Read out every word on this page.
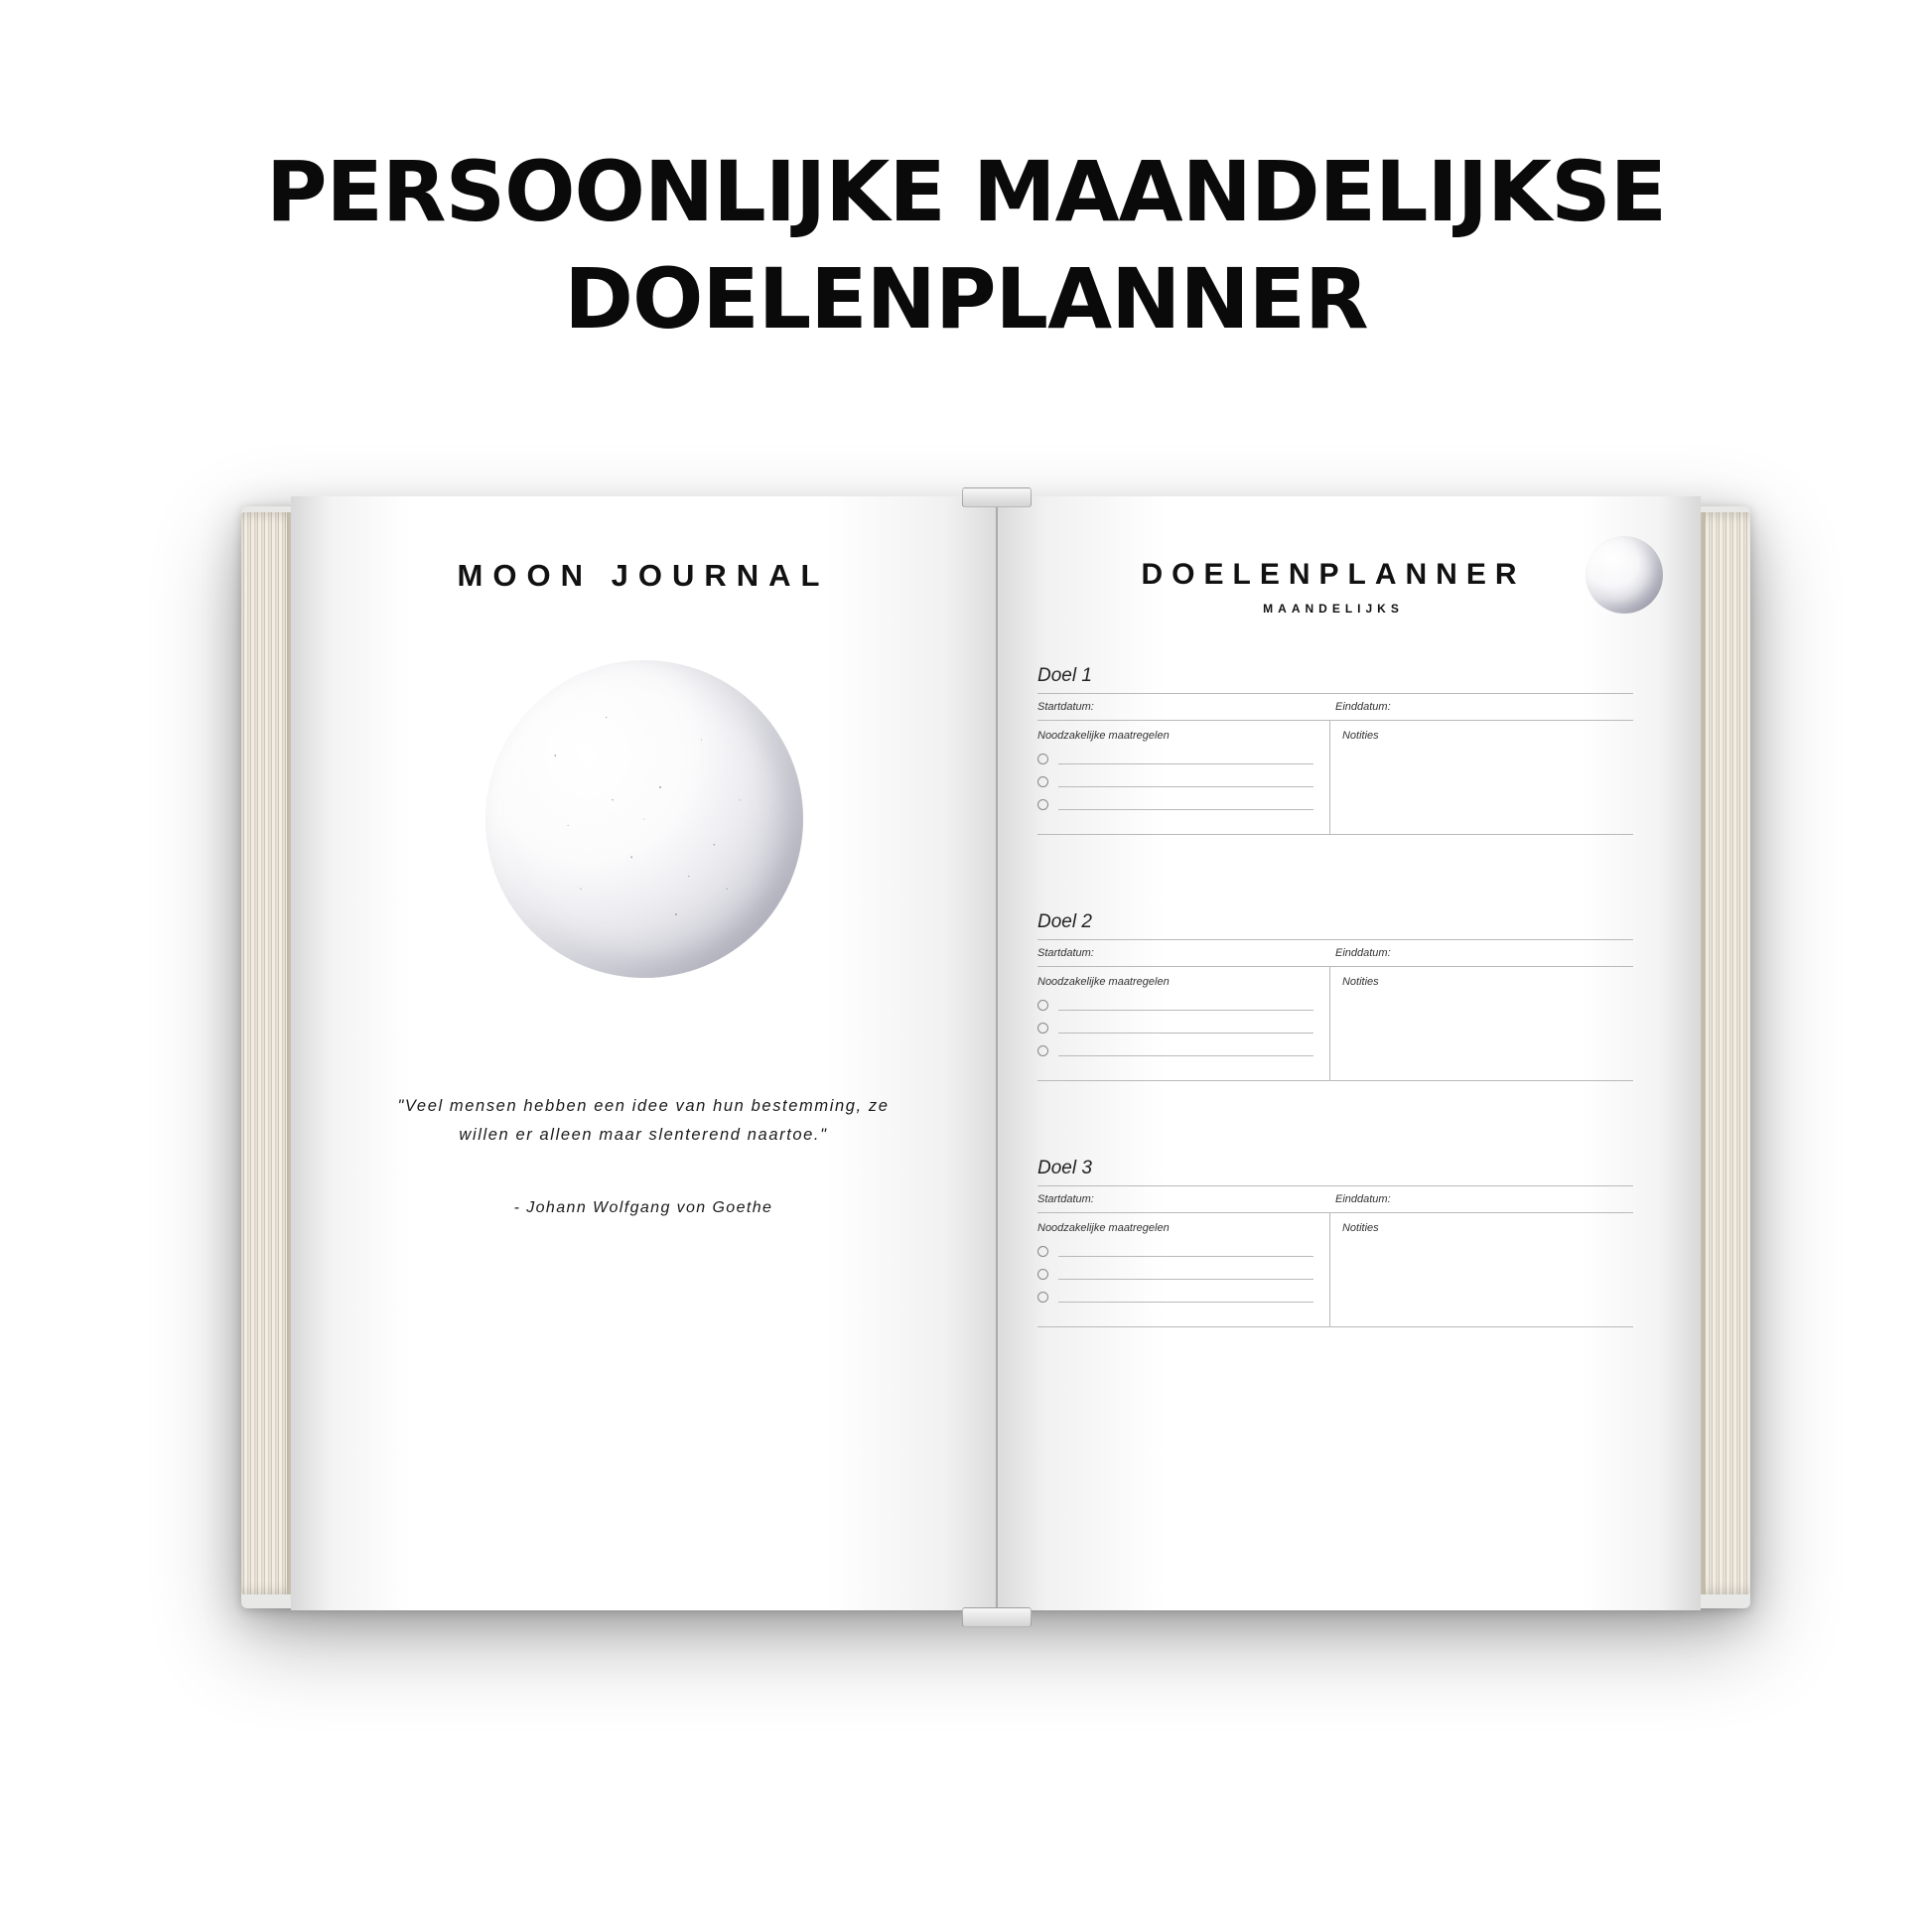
PERSOONLIJKE MAANDELIJKSE
DOELENPLANNER
MOON JOURNAL
"Veel mensen hebben een idee van hun bestemming, ze willen er alleen maar slenterend naartoe."
- Johann Wolfgang von Goethe
DOELENPLANNER
MAANDELIJKS
Doel 1
Startdatum:	Einddatum:
Noodzakelijke maatregelen	Notities
Doel 2
Startdatum:	Einddatum:
Noodzakelijke maatregelen	Notities
Doel 3
Startdatum:	Einddatum:
Noodzakelijke maatregelen	Notities
